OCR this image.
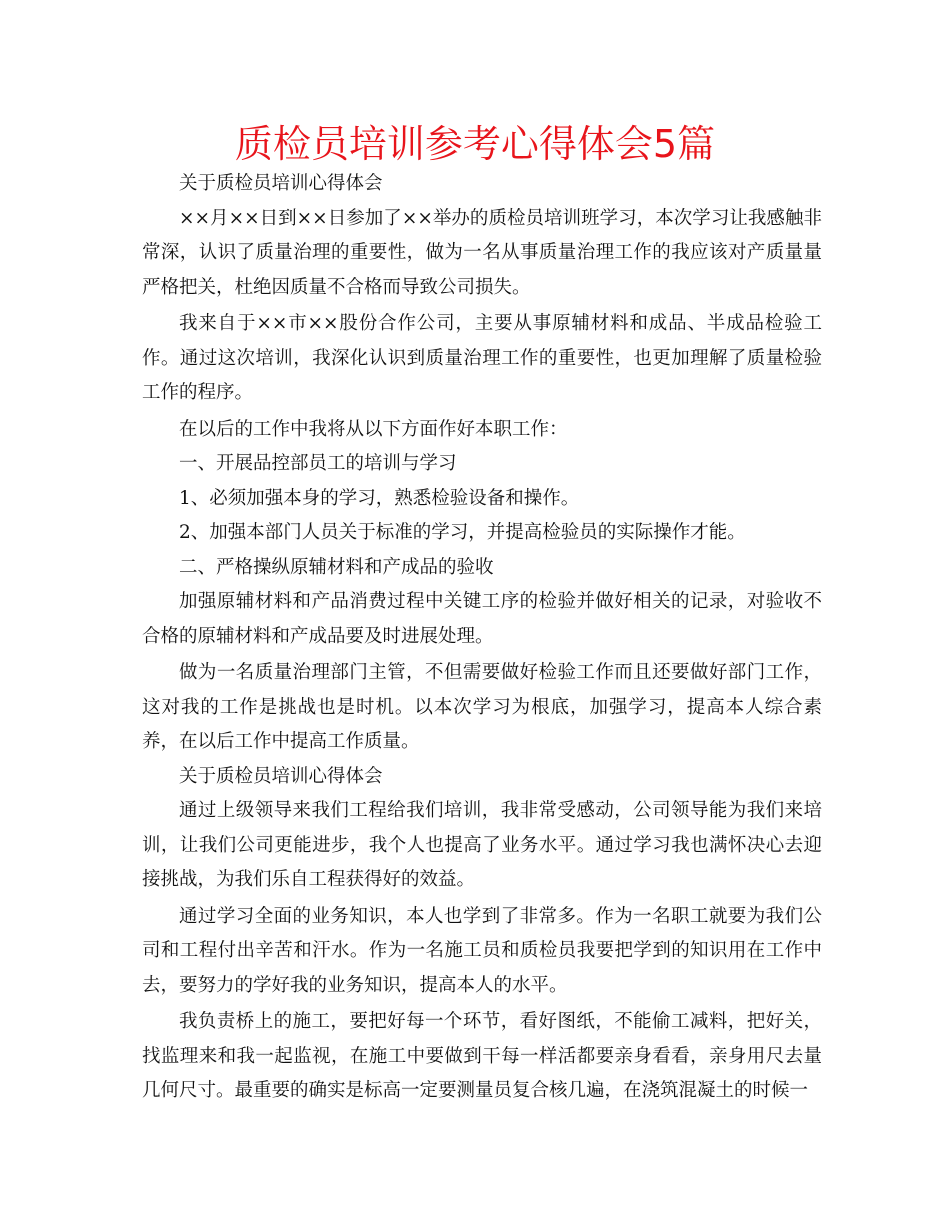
质检员培训参考心得体会5篇

关于质检员培训心得体会

××月××日到××日参加了××举办的质检员培训班学习，本次学习让我感触非常深，认识了质量治理的重要性，做为一名从事质量治理工作的我应该对产质量量严格把关，杜绝因质量不合格而导致公司损失。

我来自于××市××股份合作公司，主要从事原辅材料和成品、半成品检验工作。通过这次培训，我深化认识到质量治理工作的重要性，也更加理解了质量检验工作的程序。

在以后的工作中我将从以下方面作好本职工作：

一、开展品控部员工的培训与学习

1、必须加强本身的学习，熟悉检验设备和操作。

2、加强本部门人员关于标准的学习，并提高检验员的实际操作才能。

二、严格操纵原辅材料和产成品的验收

加强原辅材料和产品消费过程中关键工序的检验并做好相关的记录，对验收不合格的原辅材料和产成品要及时进展处理。

做为一名质量治理部门主管，不但需要做好检验工作而且还要做好部门工作，这对我的工作是挑战也是时机。以本次学习为根底，加强学习，提高本人综合素养，在以后工作中提高工作质量。

关于质检员培训心得体会

通过上级领导来我们工程给我们培训，我非常受感动，公司领导能为我们来培训，让我们公司更能进步，我个人也提高了业务水平。通过学习我也满怀决心去迎接挑战，为我们乐自工程获得好的效益。

通过学习全面的业务知识，本人也学到了非常多。作为一名职工就要为我们公司和工程付出辛苦和汗水。作为一名施工员和质检员我要把学到的知识用在工作中去，要努力的学好我的业务知识，提高本人的水平。

我负责桥上的施工，要把好每一个环节，看好图纸，不能偷工减料，把好关，找监理来和我一起监视，在施工中要做到干每一样活都要亲身看看，亲身用尺去量几何尺寸。最重要的确实是标高一定要测量员复合核几遍，在浇筑混凝土的时候一
